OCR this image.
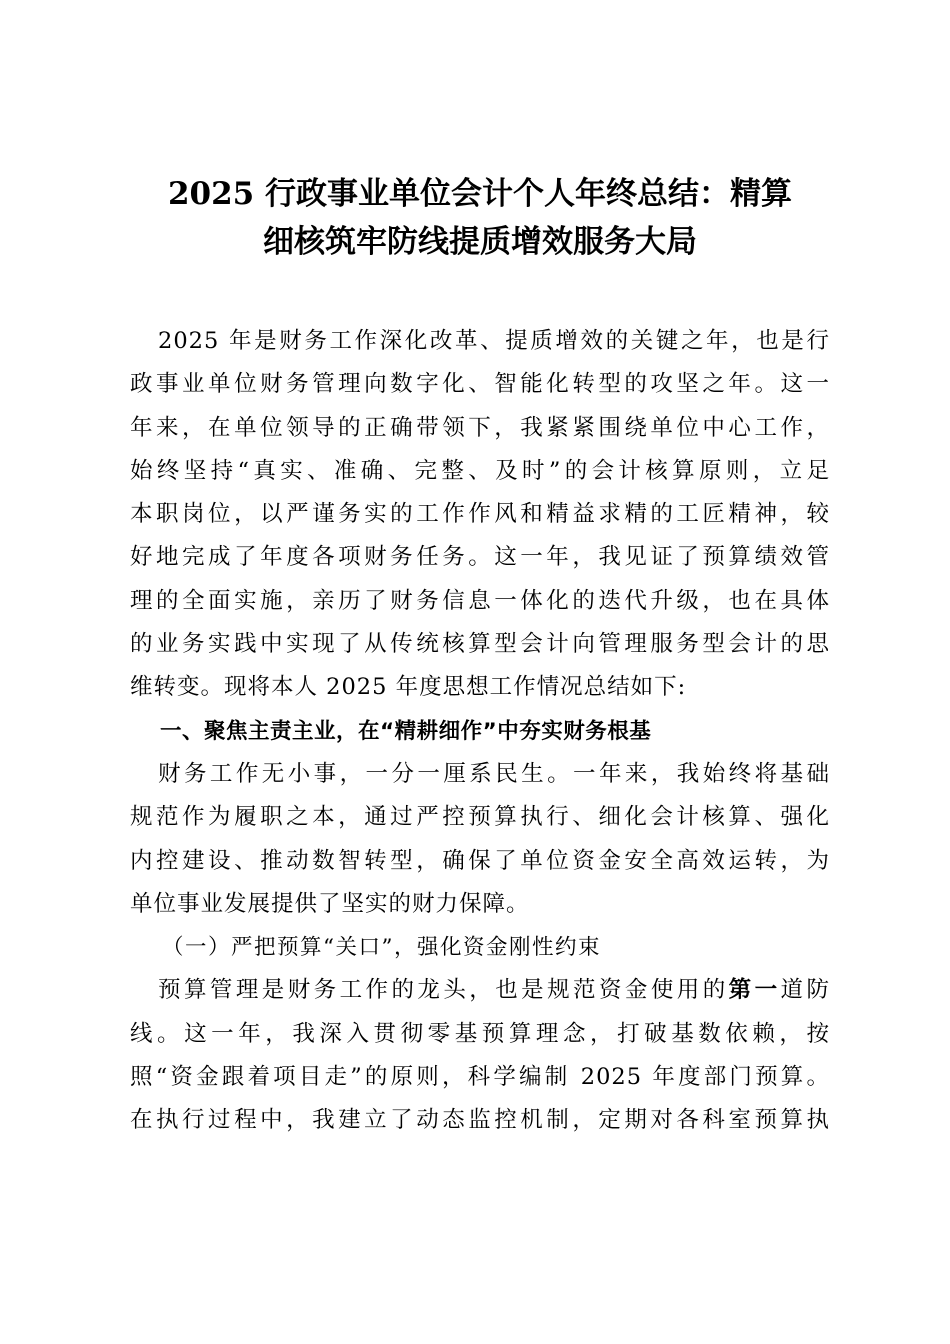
2025 行政事业单位会计个人年终总结：精算
细核筑牢防线提质增效服务大局
2025 年是财务工作深化改革、提质增效的关键之年，也是行
政事业单位财务管理向数字化、智能化转型的攻坚之年。这一
年来，在单位领导的正确带领下，我紧紧围绕单位中心工作，
始终坚持“真实、准确、完整、及时”的会计核算原则，立足
本职岗位，以严谨务实的工作作风和精益求精的工匠精神，较
好地完成了年度各项财务任务。这一年，我见证了预算绩效管
理的全面实施，亲历了财务信息一体化的迭代升级，也在具体
的业务实践中实现了从传统核算型会计向管理服务型会计的思
维转变。现将本人 2025 年度思想工作情况总结如下:
一、聚焦主责主业，在“精耕细作”中夯实财务根基
财务工作无小事，一分一厘系民生。一年来，我始终将基础
规范作为履职之本，通过严控预算执行、细化会计核算、强化
内控建设、推动数智转型，确保了单位资金安全高效运转，为
单位事业发展提供了坚实的财力保障。
（一）严把预算“关口”，强化资金刚性约束
预算管理是财务工作的龙头，也是规范资金使用的第一道防
线。这一年，我深入贯彻零基预算理念，打破基数依赖，按
照“资金跟着项目走”的原则，科学编制 2025 年度部门预算。
在执行过程中，我建立了动态监控机制，定期对各科室预算执
